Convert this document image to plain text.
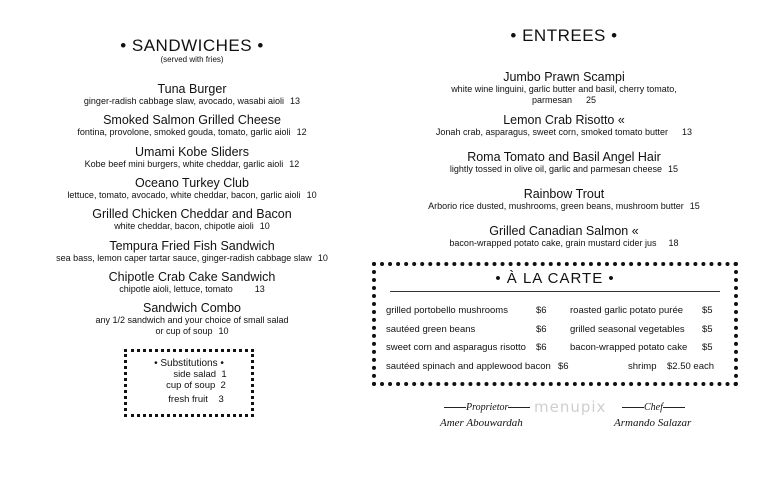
• SANDWICHES •
(served with fries)
Tuna Burger
ginger-radish cabbage slaw, avocado, wasabi aioli 13
Smoked Salmon Grilled Cheese
fontina, provolone, smoked gouda, tomato, garlic aioli 12
Umami Kobe Sliders
Kobe beef mini burgers, white cheddar, garlic aioli 12
Oceano Turkey Club
lettuce, tomato, avocado, white cheddar, bacon, garlic aioli 10
Grilled Chicken Cheddar and Bacon
white cheddar, bacon, chipotle aioli 10
Tempura Fried Fish Sandwich
sea bass, lemon caper tartar sauce, ginger-radish cabbage slaw 10
Chipotle Crab Cake Sandwich
chipotle aioli, lettuce, tomato 13
Sandwich Combo
any 1/2 sandwich and your choice of small salad
or cup of soup 10
• Substitutions •
side salad 1
cup of soup 2
fresh fruit 3
• ENTREES •
Jumbo Prawn Scampi
white wine linguini, garlic butter and basil, cherry tomato,
parmesan 25
Lemon Crab Risotto «
Jonah crab, asparagus, sweet corn, smoked tomato butter 13
Roma Tomato and Basil Angel Hair
lightly tossed in olive oil, garlic and parmesan cheese 15
Rainbow Trout
Arborio rice dusted, mushrooms, green beans, mushroom butter 15
Grilled Canadian Salmon «
bacon-wrapped potato cake, grain mustard cider jus 18
• À LA CARTE •
grilled portobello mushrooms	$6 roasted garlic potato purée $5
sautéed green beans	$6 grilled seasonal vegetables $5
sweet corn and asparagus risotto $6 bacon-wrapped potato cake $5
sautéed spinach and applewood bacon $6	shrimp $2.50 each
Proprietor
Amer Abouwardah
menupix	Chef
Armando Salazar
